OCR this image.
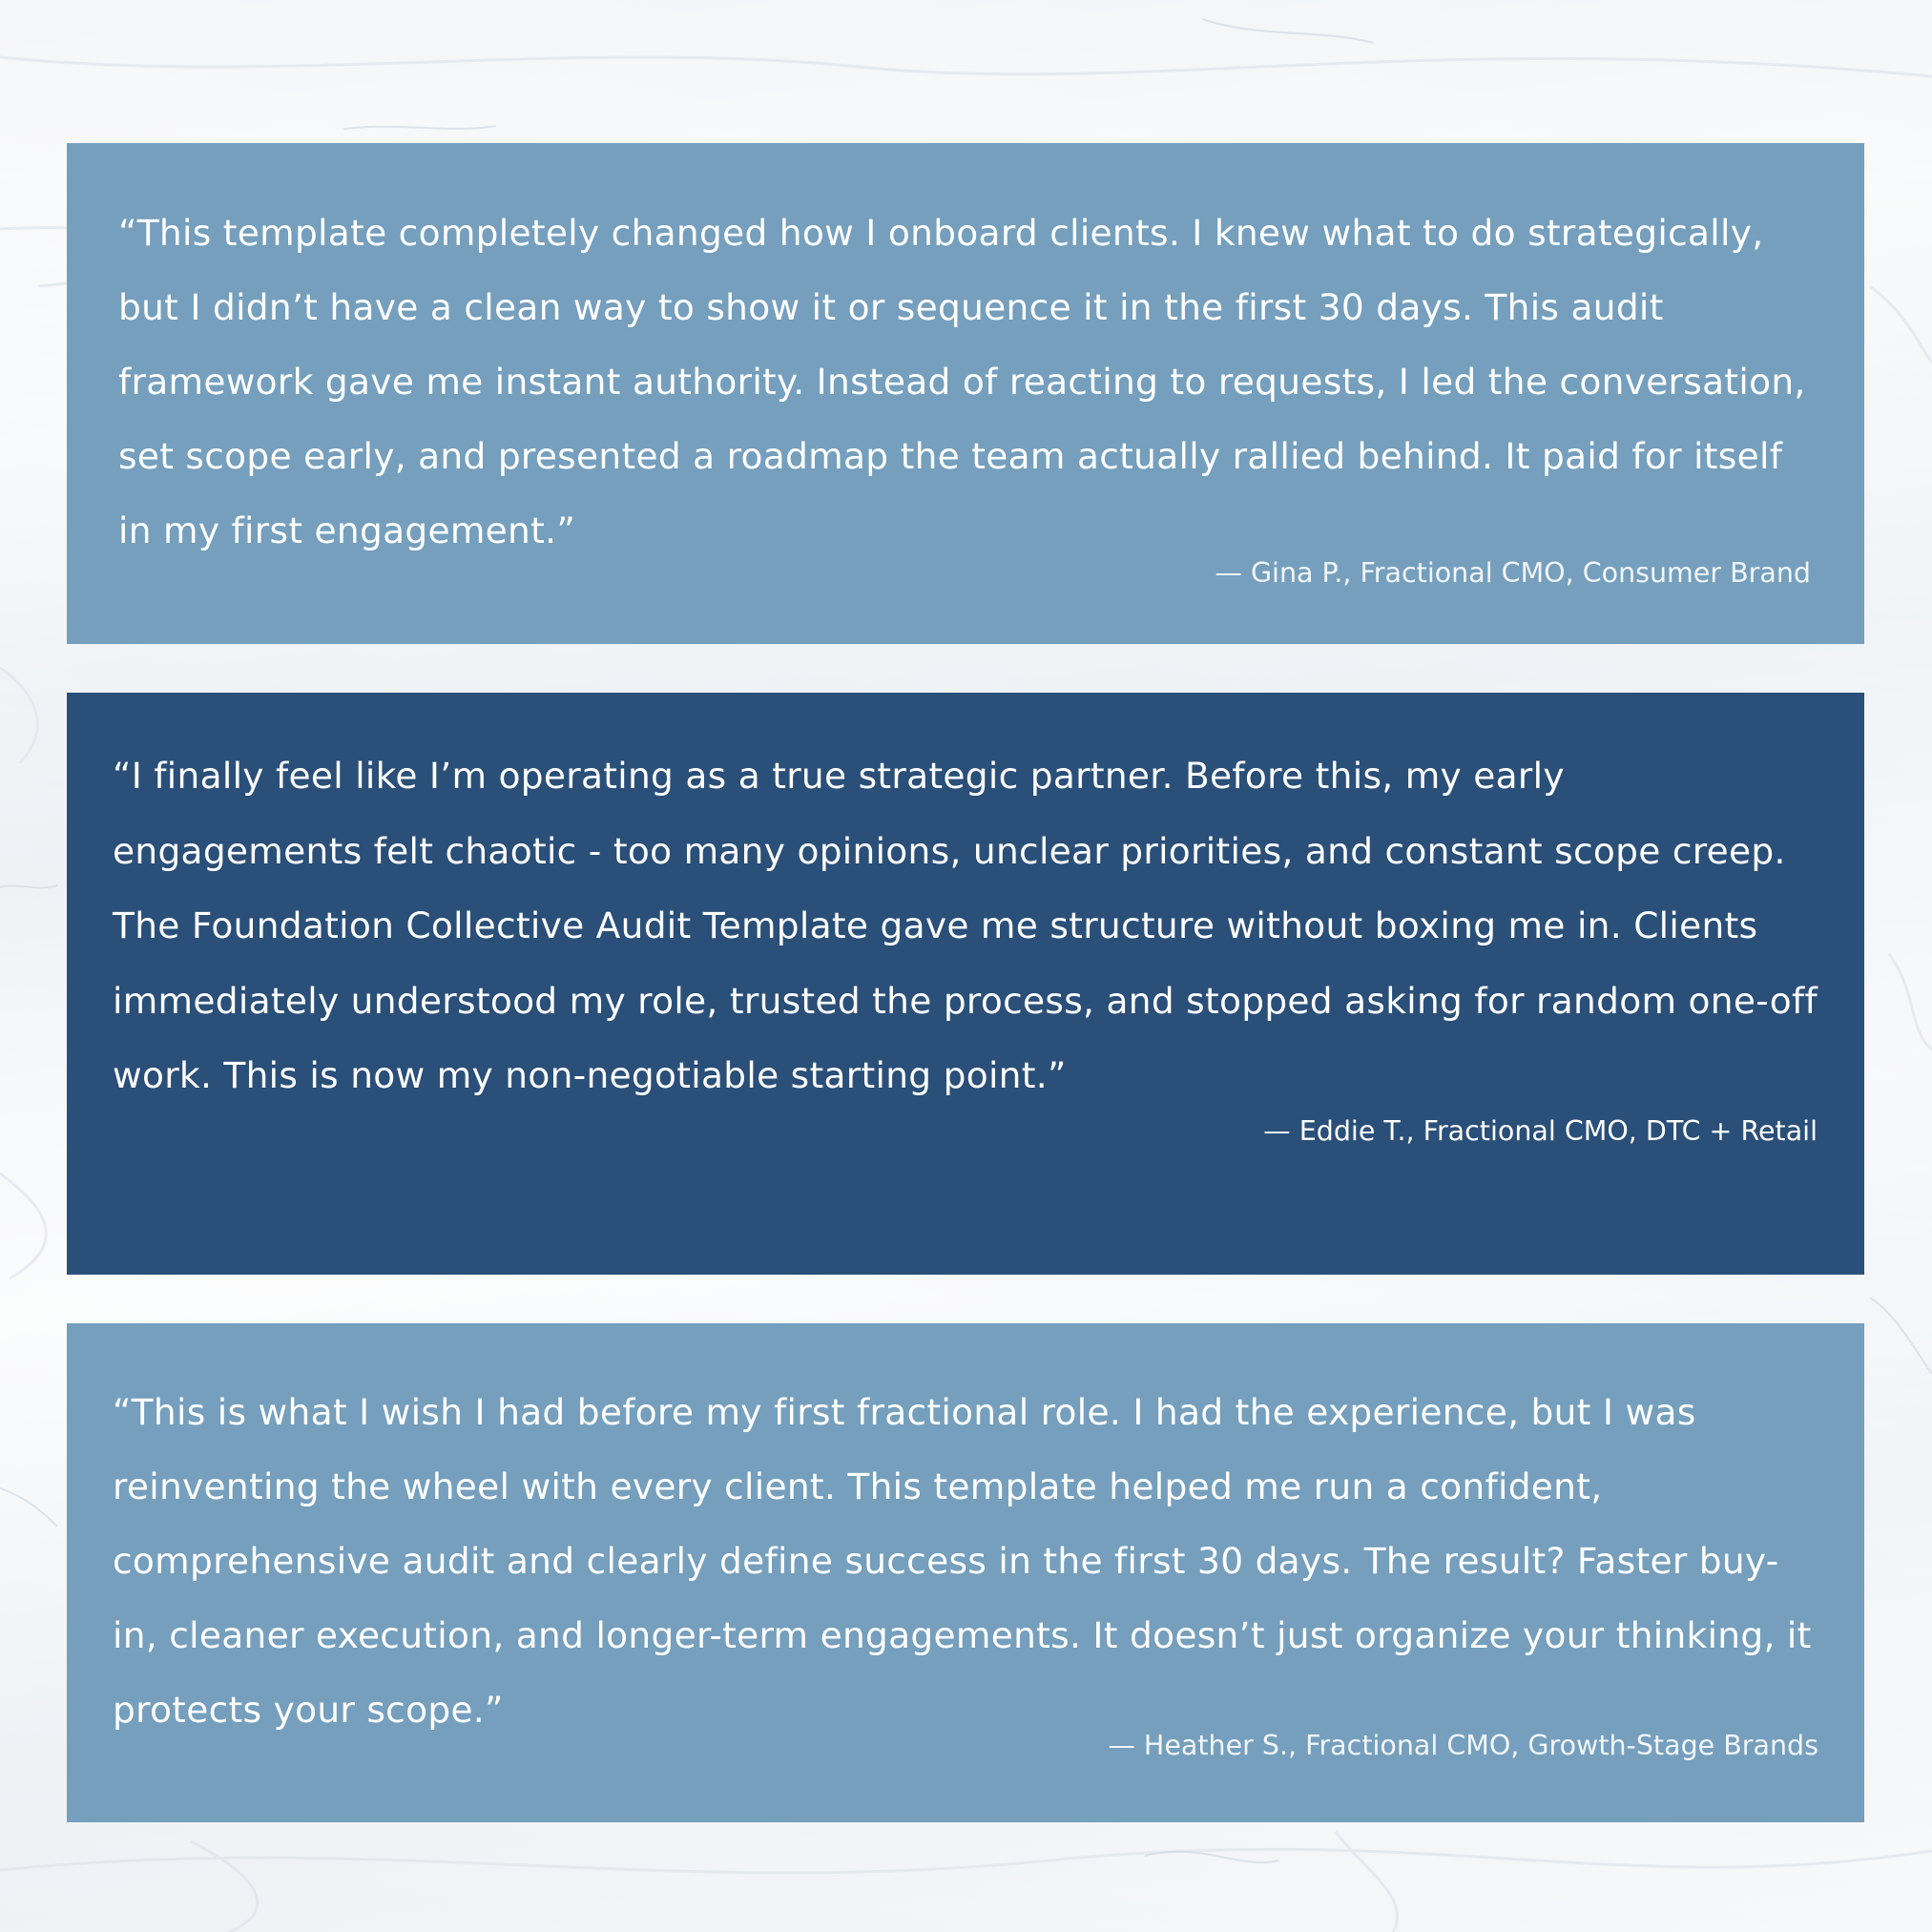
“This template completely changed how I onboard clients. I knew what to do strategically, but I didn’t have a clean way to show it or sequence it in the first 30 days. This audit framework gave me instant authority. Instead of reacting to requests, I led the conversation, set scope early, and presented a roadmap the team actually rallied behind. It paid for itself in my first engagement.”

— Gina P., Fractional CMO, Consumer Brand

“I finally feel like I’m operating as a true strategic partner. Before this, my early engagements felt chaotic - too many opinions, unclear priorities, and constant scope creep. The Foundation Collective Audit Template gave me structure without boxing me in. Clients immediately understood my role, trusted the process, and stopped asking for random one-off work. This is now my non-negotiable starting point.”

— Eddie T., Fractional CMO, DTC + Retail

“This is what I wish I had before my first fractional role. I had the experience, but I was reinventing the wheel with every client. This template helped me run a confident, comprehensive audit and clearly define success in the first 30 days. The result? Faster buy-in, cleaner execution, and longer-term engagements. It doesn’t just organize your thinking, it protects your scope.”

— Heather S., Fractional CMO, Growth-Stage Brands
